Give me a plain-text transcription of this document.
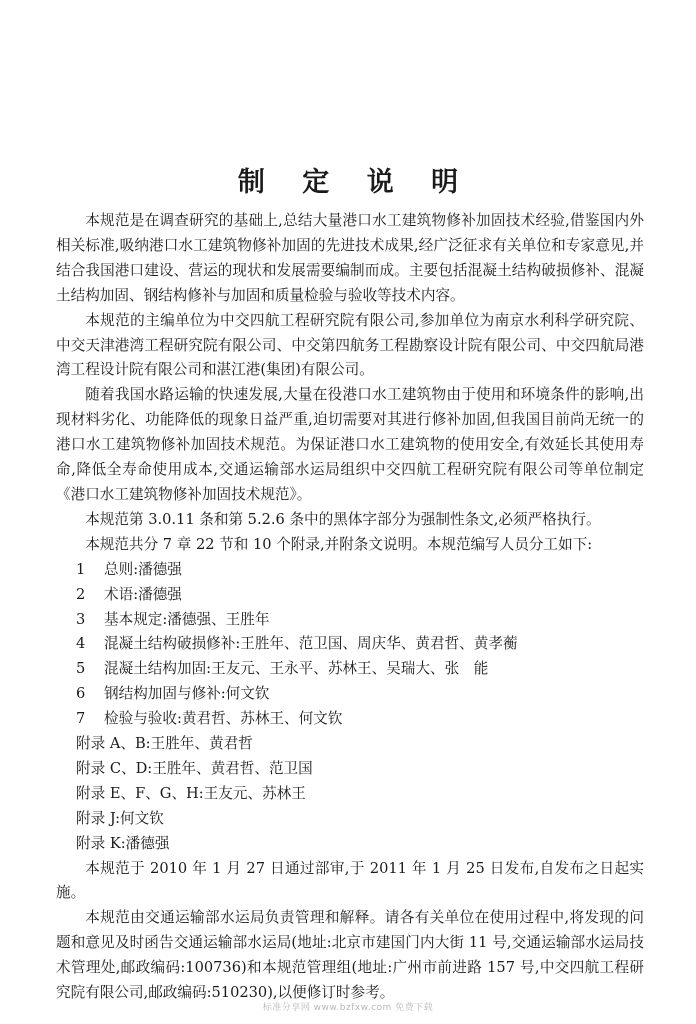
制 定 说 明

本规范是在调查研究的基础上,总结大量港口水工建筑物修补加固技术经验,借鉴国内外相关标准,吸纳港口水工建筑物修补加固的先进技术成果,经广泛征求有关单位和专家意见,并结合我国港口建设、营运的现状和发展需要编制而成。主要包括混凝土结构破损修补、混凝土结构加固、钢结构修补与加固和质量检验与验收等技术内容。

本规范的主编单位为中交四航工程研究院有限公司,参加单位为南京水利科学研究院、中交天津港湾工程研究院有限公司、中交第四航务工程勘察设计院有限公司、中交四航局港湾工程设计院有限公司和湛江港(集团)有限公司。

随着我国水路运输的快速发展,大量在役港口水工建筑物由于使用和环境条件的影响,出现材料劣化、功能降低的现象日益严重,迫切需要对其进行修补加固,但我国目前尚无统一的港口水工建筑物修补加固技术规范。为保证港口水工建筑物的使用安全,有效延长其使用寿命,降低全寿命使用成本,交通运输部水运局组织中交四航工程研究院有限公司等单位制定《港口水工建筑物修补加固技术规范》。

本规范第 3.0.11 条和第 5.2.6 条中的黑体字部分为强制性条文,必须严格执行。

本规范共分 7 章 22 节和 10 个附录,并附条文说明。本规范编写人员分工如下:

1 总则:潘德强

2 术语:潘德强

3 基本规定:潘德强、王胜年

4 混凝土结构破损修补:王胜年、范卫国、周庆华、黄君哲、黄孝蘅

5 混凝土结构加固:王友元、王永平、苏林王、吴瑞大、张　能

6 钢结构加固与修补:何文钦

7 检验与验收:黄君哲、苏林王、何文钦

附录 A、B:王胜年、黄君哲

附录 C、D:王胜年、黄君哲、范卫国

附录 E、F、G、H:王友元、苏林王

附录 J:何文钦

附录 K:潘德强

本规范于 2010 年 1 月 27 日通过部审,于 2011 年 1 月 25 日发布,自发布之日起实施。

本规范由交通运输部水运局负责管理和解释。请各有关单位在使用过程中,将发现的问题和意见及时函告交通运输部水运局(地址:北京市建国门内大街 11 号,交通运输部水运局技术管理处,邮政编码:100736)和本规范管理组(地址:广州市前进路 157 号,中交四航工程研究院有限公司,邮政编码:510230),以便修订时参考。

标准分享网 www.bzfxw.com 免费下载
